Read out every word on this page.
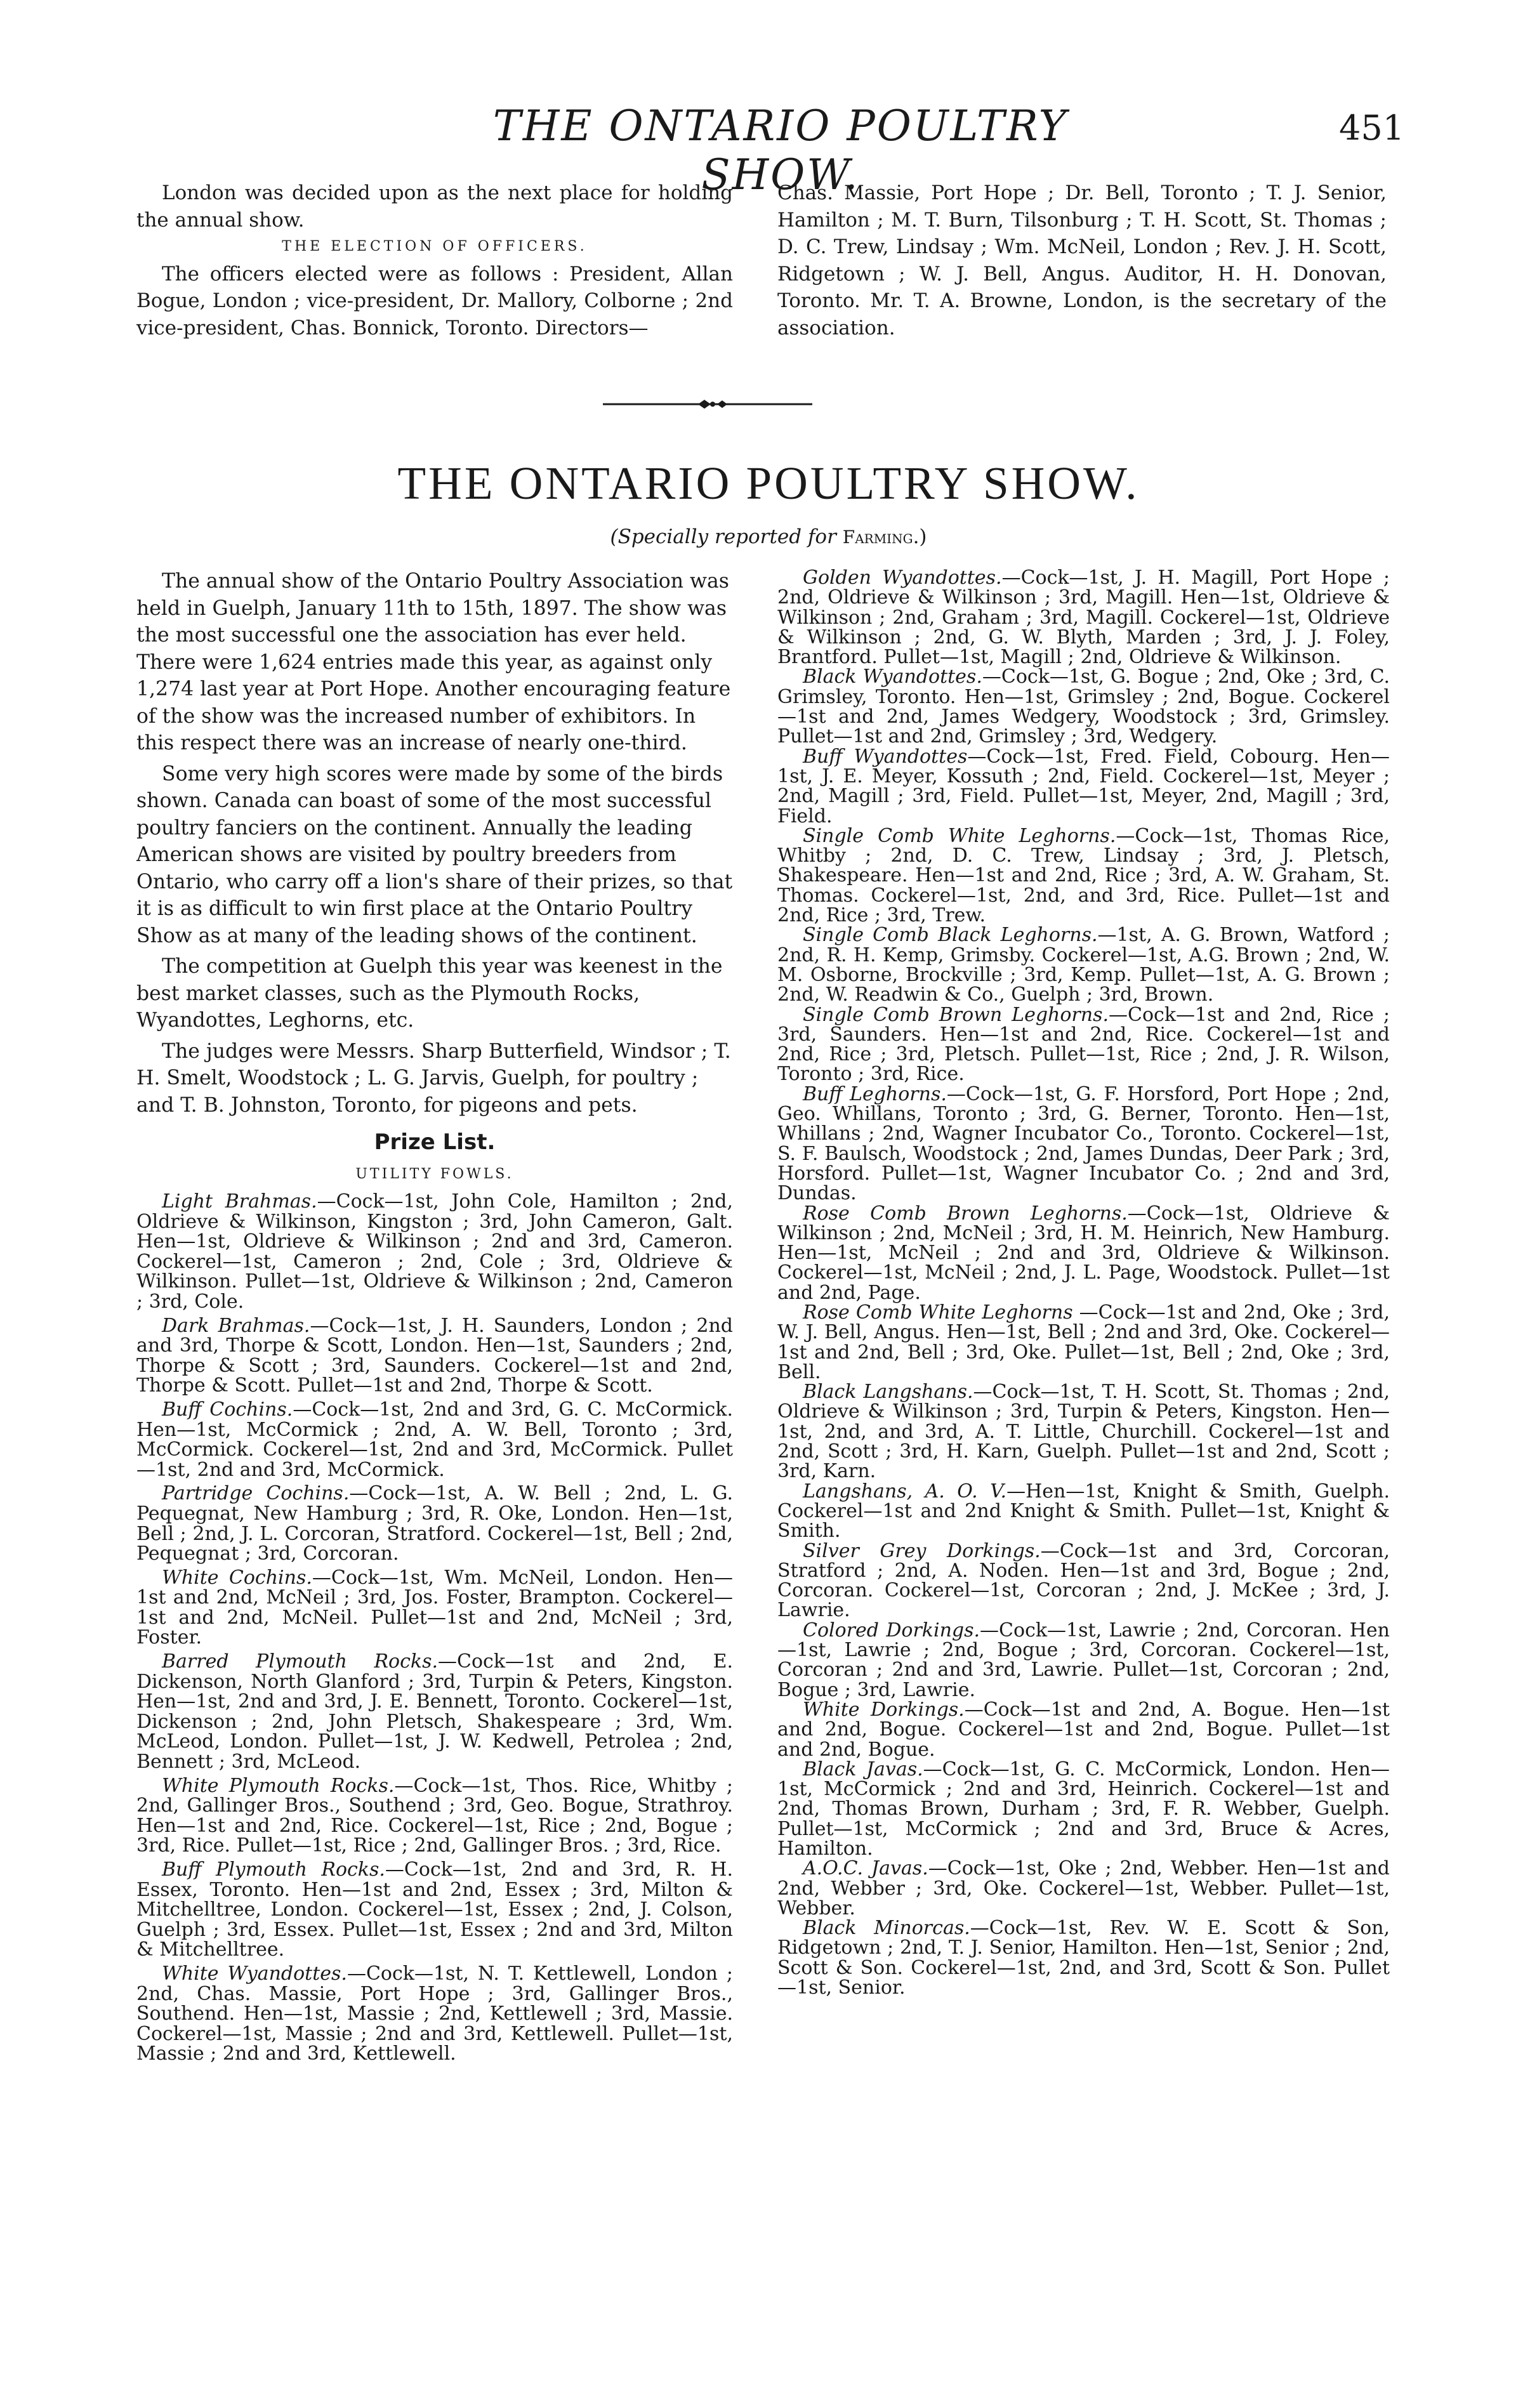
THE ONTARIO POULTRY SHOW.
451

London was decided upon as the next place for holding the annual show.

THE ELECTION OF OFFICERS.

The officers elected were as follows : President, Allan Bogue, London ; vice-president, Dr. Mallory, Colborne ; 2nd vice-president, Chas. Bonnick, Toronto. Directors—

Chas. Massie, Port Hope ; Dr. Bell, Toronto ; T. J. Senior, Hamilton ; M. T. Burn, Tilsonburg ; T. H. Scott, St. Thomas ; D. C. Trew, Lindsay ; Wm. McNeil, London ; Rev. J. H. Scott, Ridgetown ; W. J. Bell, Angus. Auditor, H. H. Donovan, Toronto. Mr. T. A. Browne, London, is the secretary of the association.

THE ONTARIO POULTRY SHOW.
(Specially reported for Farming.)

The annual show of the Ontario Poultry Association was held in Guelph, January 11th to 15th, 1897. The show was the most successful one the association has ever held. There were 1,624 entries made this year, as against only 1,274 last year at Port Hope. Another encouraging feature of the show was the increased number of exhibitors. In this respect there was an increase of nearly one-third.

Some very high scores were made by some of the birds shown. Canada can boast of some of the most successful poultry fanciers on the continent. Annually the leading American shows are visited by poultry breeders from Ontario, who carry off a lion's share of their prizes, so that it is as difficult to win first place at the Ontario Poultry Show as at many of the leading shows of the continent.

The competition at Guelph this year was keenest in the best market classes, such as the Plymouth Rocks, Wyandottes, Leghorns, etc.

The judges were Messrs. Sharp Butterfield, Windsor ; T. H. Smelt, Woodstock ; L. G. Jarvis, Guelph, for poultry ; and T. B. Johnston, Toronto, for pigeons and pets.

Prize List.
UTILITY FOWLS.

Light Brahmas.—Cock—1st, John Cole, Hamilton ; 2nd, Oldrieve & Wilkinson, Kingston ; 3rd, John Cameron, Galt. Hen—1st, Oldrieve & Wilkinson ; 2nd and 3rd, Cameron. Cockerel—1st, Cameron ; 2nd, Cole ; 3rd, Oldrieve & Wilkinson. Pullet—1st, Oldrieve & Wilkinson ; 2nd, Cameron ; 3rd, Cole.

Dark Brahmas.—Cock—1st, J. H. Saunders, London ; 2nd and 3rd, Thorpe & Scott, London. Hen—1st, Saunders ; 2nd, Thorpe & Scott ; 3rd, Saunders. Cockerel—1st and 2nd, Thorpe & Scott. Pullet—1st and 2nd, Thorpe & Scott.

Buff Cochins.—Cock—1st, 2nd and 3rd, G. C. McCormick. Hen—1st, McCormick ; 2nd, A. W. Bell, Toronto ; 3rd, McCormick. Cockerel—1st, 2nd and 3rd, McCormick. Pullet—1st, 2nd and 3rd, McCormick.

Partridge Cochins.—Cock—1st, A. W. Bell ; 2nd, L. G. Pequegnat, New Hamburg ; 3rd, R. Oke, London. Hen—1st, Bell ; 2nd, J. L. Corcoran, Stratford. Cockerel—1st, Bell ; 2nd, Pequegnat ; 3rd, Corcoran.

White Cochins.—Cock—1st, Wm. McNeil, London. Hen—1st and 2nd, McNeil ; 3rd, Jos. Foster, Brampton. Cockerel—1st and 2nd, McNeil. Pullet—1st and 2nd, McNeil ; 3rd, Foster.

Barred Plymouth Rocks.—Cock—1st and 2nd, E. Dickenson, North Glanford ; 3rd, Turpin & Peters, Kingston. Hen—1st, 2nd and 3rd, J. E. Bennett, Toronto. Cockerel—1st, Dickenson ; 2nd, John Pletsch, Shakespeare ; 3rd, Wm. McLeod, London. Pullet—1st, J. W. Kedwell, Petrolea ; 2nd, Bennett ; 3rd, McLeod.

White Plymouth Rocks.—Cock—1st, Thos. Rice, Whitby ; 2nd, Gallinger Bros., Southend ; 3rd, Geo. Bogue, Strathroy. Hen—1st and 2nd, Rice. Cockerel—1st, Rice ; 2nd, Bogue ; 3rd, Rice. Pullet—1st, Rice ; 2nd, Gallinger Bros. ; 3rd, Rice.

Buff Plymouth Rocks.—Cock—1st, 2nd and 3rd, R. H. Essex, Toronto. Hen—1st and 2nd, Essex ; 3rd, Milton & Mitchelltree, London. Cockerel—1st, Essex ; 2nd, J. Colson, Guelph ; 3rd, Essex. Pullet—1st, Essex ; 2nd and 3rd, Milton & Mitchelltree.

White Wyandottes.—Cock—1st, N. T. Kettlewell, London ; 2nd, Chas. Massie, Port Hope ; 3rd, Gallinger Bros., Southend. Hen—1st, Massie ; 2nd, Kettlewell ; 3rd, Massie. Cockerel—1st, Massie ; 2nd and 3rd, Kettlewell. Pullet—1st, Massie ; 2nd and 3rd, Kettlewell.

Golden Wyandottes.—Cock—1st, J. H. Magill, Port Hope ; 2nd, Oldrieve & Wilkinson ; 3rd, Magill. Hen—1st, Oldrieve & Wilkinson ; 2nd, Graham ; 3rd, Magill. Cockerel—1st, Oldrieve & Wilkinson ; 2nd, G. W. Blyth, Marden ; 3rd, J. J. Foley, Brantford. Pullet—1st, Magill ; 2nd, Oldrieve & Wilkinson.

Black Wyandottes.—Cock—1st, G. Bogue ; 2nd, Oke ; 3rd, C. Grimsley, Toronto. Hen—1st, Grimsley ; 2nd, Bogue. Cockerel—1st and 2nd, James Wedgery, Woodstock ; 3rd, Grimsley. Pullet—1st and 2nd, Grimsley ; 3rd, Wedgery.

Buff Wyandottes—Cock—1st, Fred. Field, Cobourg. Hen—1st, J. E. Meyer, Kossuth ; 2nd, Field. Cockerel—1st, Meyer ; 2nd, Magill ; 3rd, Field. Pullet—1st, Meyer, 2nd, Magill ; 3rd, Field.

Single Comb White Leghorns.—Cock—1st, Thomas Rice, Whitby ; 2nd, D. C. Trew, Lindsay ; 3rd, J. Pletsch, Shakespeare. Hen—1st and 2nd, Rice ; 3rd, A. W. Graham, St. Thomas. Cockerel—1st, 2nd, and 3rd, Rice. Pullet—1st and 2nd, Rice ; 3rd, Trew.

Single Comb Black Leghorns.—1st, A. G. Brown, Watford ; 2nd, R. H. Kemp, Grimsby. Cockerel—1st, A.G. Brown ; 2nd, W. M. Osborne, Brockville ; 3rd, Kemp. Pullet—1st, A. G. Brown ; 2nd, W. Readwin & Co., Guelph ; 3rd, Brown.

Single Comb Brown Leghorns.—Cock—1st and 2nd, Rice ; 3rd, Saunders. Hen—1st and 2nd, Rice. Cockerel—1st and 2nd, Rice ; 3rd, Pletsch. Pullet—1st, Rice ; 2nd, J. R. Wilson, Toronto ; 3rd, Rice.

Buff Leghorns.—Cock—1st, G. F. Horsford, Port Hope ; 2nd, Geo. Whillans, Toronto ; 3rd, G. Berner, Toronto. Hen—1st, Whillans ; 2nd, Wagner Incubator Co., Toronto. Cockerel—1st, S. F. Baulsch, Woodstock ; 2nd, James Dundas, Deer Park ; 3rd, Horsford. Pullet—1st, Wagner Incubator Co. ; 2nd and 3rd, Dundas.

Rose Comb Brown Leghorns.—Cock—1st, Oldrieve & Wilkinson ; 2nd, McNeil ; 3rd, H. M. Heinrich, New Hamburg. Hen—1st, McNeil ; 2nd and 3rd, Oldrieve & Wilkinson. Cockerel—1st, McNeil ; 2nd, J. L. Page, Woodstock. Pullet—1st and 2nd, Page.

Rose Comb White Leghorns —Cock—1st and 2nd, Oke ; 3rd, W. J. Bell, Angus. Hen—1st, Bell ; 2nd and 3rd, Oke. Cockerel—1st and 2nd, Bell ; 3rd, Oke. Pullet—1st, Bell ; 2nd, Oke ; 3rd, Bell.

Black Langshans.—Cock—1st, T. H. Scott, St. Thomas ; 2nd, Oldrieve & Wilkinson ; 3rd, Turpin & Peters, Kingston. Hen—1st, 2nd, and 3rd, A. T. Little, Churchill. Cockerel—1st and 2nd, Scott ; 3rd, H. Karn, Guelph. Pullet—1st and 2nd, Scott ; 3rd, Karn.

Langshans, A. O. V.—Hen—1st, Knight & Smith, Guelph. Cockerel—1st and 2nd Knight & Smith. Pullet—1st, Knight & Smith.

Silver Grey Dorkings.—Cock—1st and 3rd, Corcoran, Stratford ; 2nd, A. Noden. Hen—1st and 3rd, Bogue ; 2nd, Corcoran. Cockerel—1st, Corcoran ; 2nd, J. McKee ; 3rd, J. Lawrie.

Colored Dorkings.—Cock—1st, Lawrie ; 2nd, Corcoran. Hen—1st, Lawrie ; 2nd, Bogue ; 3rd, Corcoran. Cockerel—1st, Corcoran ; 2nd and 3rd, Lawrie. Pullet—1st, Corcoran ; 2nd, Bogue ; 3rd, Lawrie.

White Dorkings.—Cock—1st and 2nd, A. Bogue. Hen—1st and 2nd, Bogue. Cockerel—1st and 2nd, Bogue. Pullet—1st and 2nd, Bogue.

Black Javas.—Cock—1st, G. C. McCormick, London. Hen—1st, McCormick ; 2nd and 3rd, Heinrich. Cockerel—1st and 2nd, Thomas Brown, Durham ; 3rd, F. R. Webber, Guelph. Pullet—1st, McCormick ; 2nd and 3rd, Bruce & Acres, Hamilton.

A.O.C. Javas.—Cock—1st, Oke ; 2nd, Webber. Hen—1st and 2nd, Webber ; 3rd, Oke. Cockerel—1st, Webber. Pullet—1st, Webber.

Black Minorcas.—Cock—1st, Rev. W. E. Scott & Son, Ridgetown ; 2nd, T. J. Senior, Hamilton. Hen—1st, Senior ; 2nd, Scott & Son. Cockerel—1st, 2nd, and 3rd, Scott & Son. Pullet—1st, Senior.
